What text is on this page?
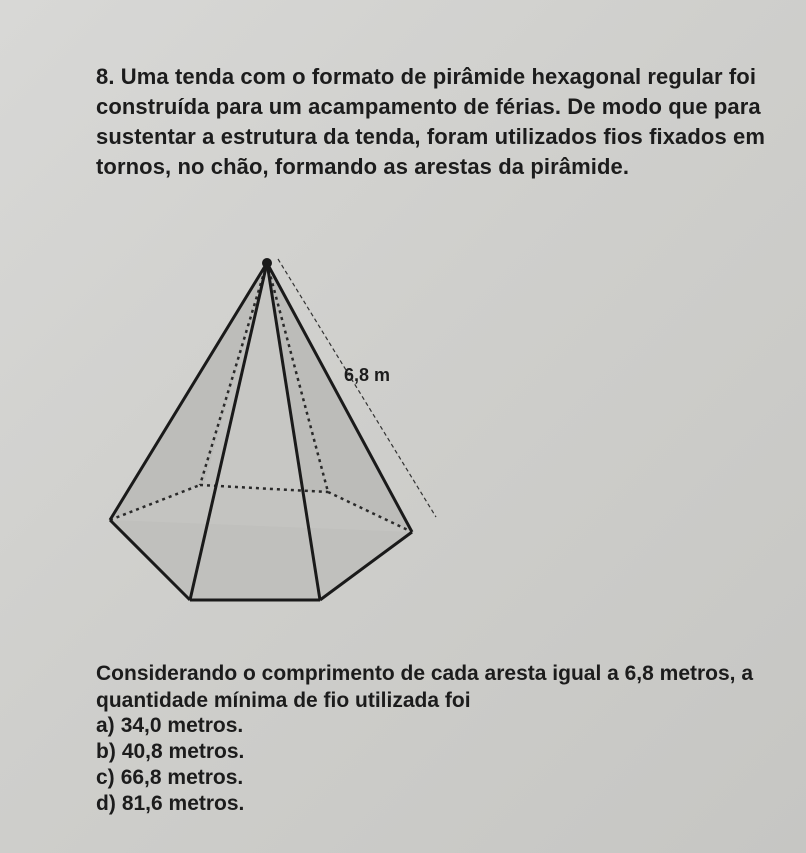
8. Uma tenda com o formato de pirâmide hexagonal regular foi construída para um acampamento de férias. De modo que para sustentar a estrutura da tenda, foram utilizados fios fixados em tornos, no chão, formando as arestas da pirâmide.

6,8 m

Considerando o comprimento de cada aresta igual a 6,8 metros, a quantidade mínima de fio utilizada foi

a) 34,0 metros.
b) 40,8 metros.
c) 66,8 metros.
d) 81,6 metros.
